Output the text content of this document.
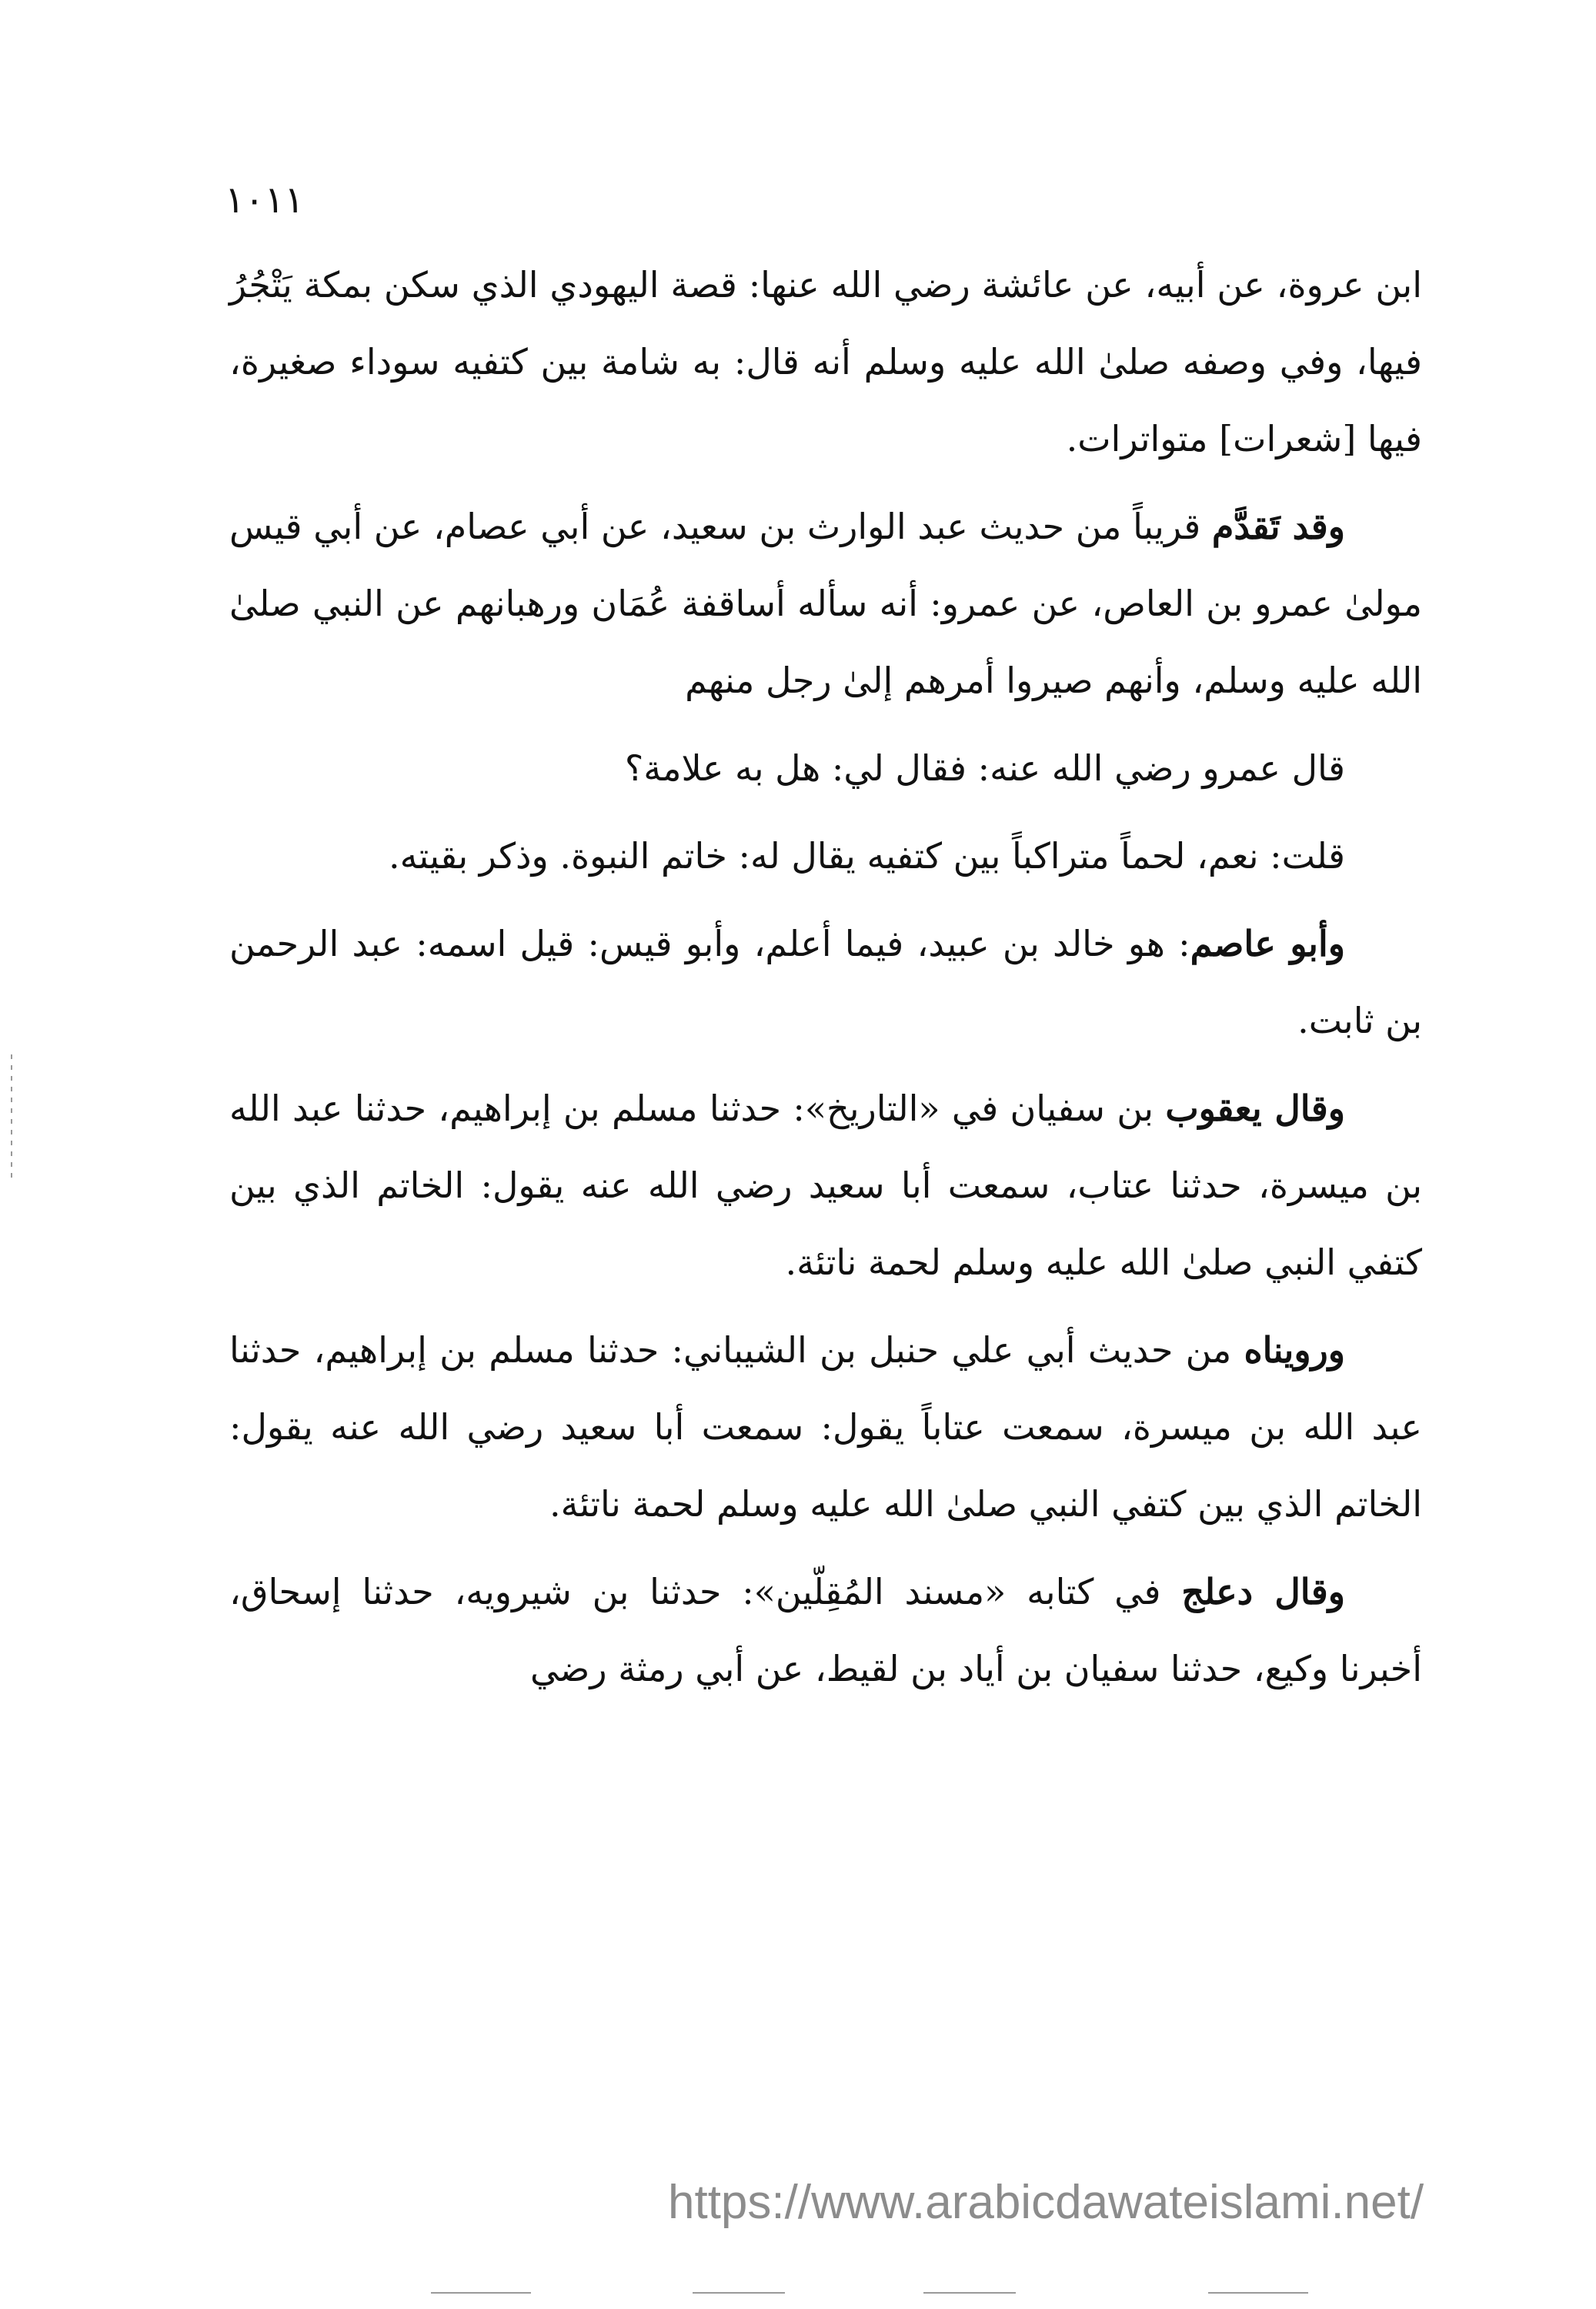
١٠١١

ابن عروة، عن أبيه، عن عائشة رضي الله عنها: قصة اليهودي الذي سكن بمكة يَتْجُرُ فيها، وفي وصفه صلىٰ الله عليه وسلم أنه قال: به شامة بين كتفيه سوداء صغيرة، فيها [شعرات] متواترات.

وقد تَقدَّم قريباً من حديث عبد الوارث بن سعيد، عن أبي عصام، عن أبي قيس مولىٰ عمرو بن العاص، عن عمرو: أنه سأله أساقفة عُمَان ورهبانهم عن النبي صلىٰ الله عليه وسلم، وأنهم صيروا أمرهم إلىٰ رجل منهم

قال عمرو رضي الله عنه: فقال لي: هل به علامة؟

قلت: نعم، لحماً متراكباً بين كتفيه يقال له: خاتم النبوة. وذكر بقيته.

وأبو عاصم: هو خالد بن عبيد، فيما أعلم، وأبو قيس: قيل اسمه: عبد الرحمن بن ثابت.

وقال يعقوب بن سفيان في «التاريخ»: حدثنا مسلم بن إبراهيم، حدثنا عبد الله بن ميسرة، حدثنا عتاب، سمعت أبا سعيد رضي الله عنه يقول: الخاتم الذي بين كتفي النبي صلىٰ الله عليه وسلم لحمة ناتئة.

ورويناه من حديث أبي علي حنبل بن الشيباني: حدثنا مسلم بن إبراهيم، حدثنا عبد الله بن ميسرة، سمعت عتاباً يقول: سمعت أبا سعيد رضي الله عنه يقول: الخاتم الذي بين كتفي النبي صلىٰ الله عليه وسلم لحمة ناتئة.

وقال دعلج في كتابه «مسند المُقِلّين»: حدثنا بن شيرويه، حدثنا إسحاق، أخبرنا وكيع، حدثنا سفيان بن أياد بن لقيط، عن أبي رمثة رضي

https://www.arabicdawateislami.net/
